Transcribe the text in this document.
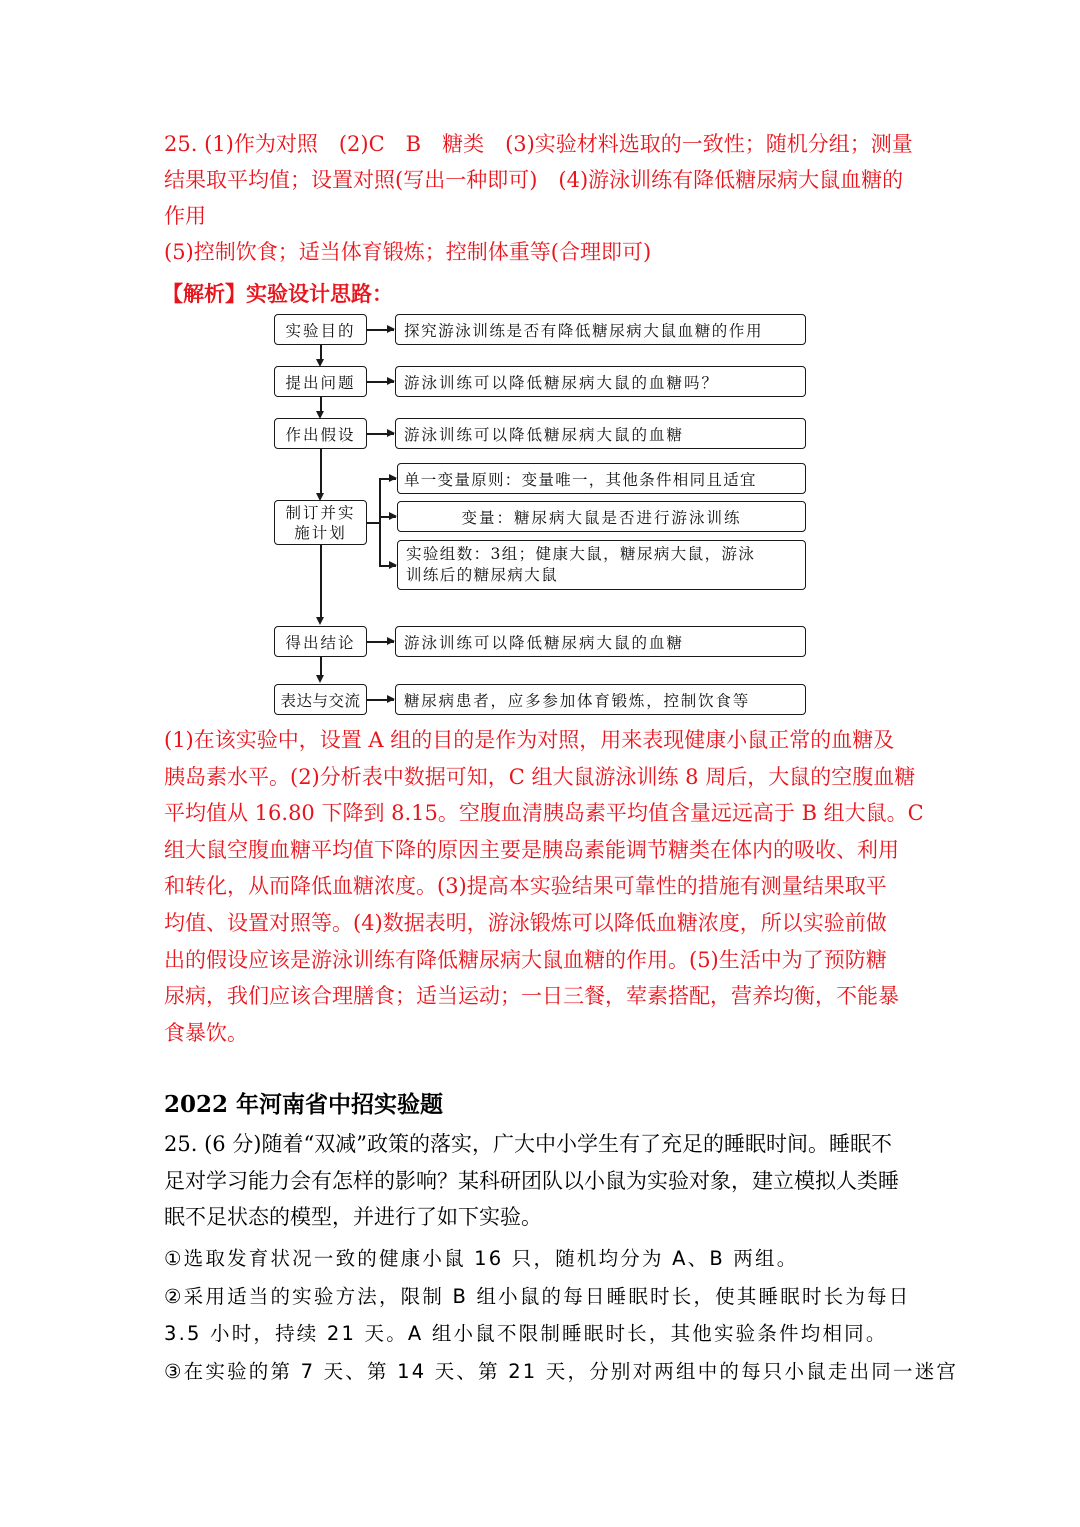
25. (1)作为对照　(2)C　B　糖类　(3)实验材料选取的一致性；随机分组；测量
结果取平均值；设置对照(写出一种即可)　(4)游泳训练有降低糖尿病大鼠血糖的
作用
(5)控制饮食；适当体育锻炼；控制体重等(合理即可)
【解析】实验设计思路：
实验目的
提出问题
作出假设
制订并实
施计划
得出结论
表达与交流
探究游泳训练是否有降低糖尿病大鼠血糖的作用
游泳训练可以降低糖尿病大鼠的血糖吗？
游泳训练可以降低糖尿病大鼠的血糖
单一变量原则：变量唯一，其他条件相同且适宜
变量：糖尿病大鼠是否进行游泳训练
实验组数：3组；健康大鼠，糖尿病大鼠，游泳
训练后的糖尿病大鼠
游泳训练可以降低糖尿病大鼠的血糖
糖尿病患者，应多参加体育锻炼，控制饮食等
(1)在该实验中，设置 A 组的目的是作为对照，用来表现健康小鼠正常的血糖及
胰岛素水平。(2)分析表中数据可知，C 组大鼠游泳训练 8 周后，大鼠的空腹血糖
平均值从 16.80 下降到 8.15。空腹血清胰岛素平均值含量远远高于 B 组大鼠。C
组大鼠空腹血糖平均值下降的原因主要是胰岛素能调节糖类在体内的吸收、利用
和转化，从而降低血糖浓度。(3)提高本实验结果可靠性的措施有测量结果取平
均值、设置对照等。(4)数据表明，游泳锻炼可以降低血糖浓度，所以实验前做
出的假设应该是游泳训练有降低糖尿病大鼠血糖的作用。(5)生活中为了预防糖
尿病，我们应该合理膳食；适当运动；一日三餐，荤素搭配，营养均衡，不能暴
食暴饮。
2022 年河南省中招实验题
25. (6 分)随着“双减”政策的落实，广大中小学生有了充足的睡眠时间。睡眠不
足对学习能力会有怎样的影响？某科研团队以小鼠为实验对象，建立模拟人类睡
眠不足状态的模型，并进行了如下实验。
①选取发育状况一致的健康小鼠 16 只，随机均分为 A、B 两组。
②采用适当的实验方法，限制 B 组小鼠的每日睡眠时长，使其睡眠时长为每日
3.5 小时，持续 21 天。A 组小鼠不限制睡眠时长，其他实验条件均相同。
③在实验的第 7 天、第 14 天、第 21 天，分别对两组中的每只小鼠走出同一迷宫
